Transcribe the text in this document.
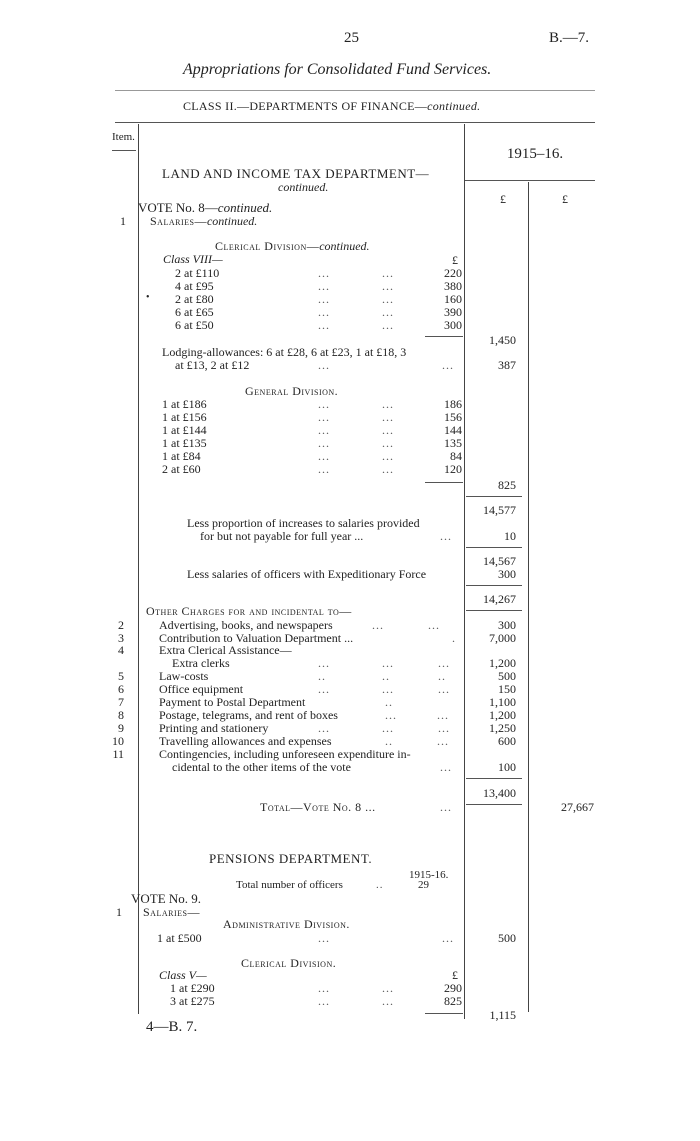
25	B.—7.
Appropriations for Consolidated Fund Services.
CLASS II.—DEPARTMENTS OF FINANCE—continued.
Item.
1915–16.
£	£
LAND AND INCOME TAX DEPARTMENT—
continued.
VOTE No. 8—continued.
1 Salaries—continued.
Clerical Division—continued.
Class VIII—	£
2 at £110	...             ...	220
4 at £95	...             ...	380
2 at £80	...             ...	160
6 at £65	...             ...	390
6 at £50	...             ...	300
•
1,450
Lodging-allowances: 6 at £28, 6 at £23, 1 at £18, 3
at £13, 2 at £12	...                            ...	387
General Division.
1 at £186	...             ...	186
1 at £156	...             ...	156
1 at £144	...             ...	144
1 at £135	...             ...	135
1 at £84	...             ...	84
2 at £60	...             ...	120
825
14,577
Less proportion of increases to salaries provided
for but not payable for full year ...	...	10
14,567
Less salaries of officers with Expeditionary Force	300
14,267
Other Charges for and incidental to—
2	Advertising, books, and newspapers	...           ...	300
3	Contribution to Valuation Department ...	.	7,000
4	Extra Clerical Assistance—
Extra clerks	...             ...           ...	1,200
5	Law-costs	..              ..            ..	500
6	Office equipment	...             ...           ...	150
7	Payment to Postal Department	..	1,100
8	Postage, telegrams, and rent of boxes	...          ...	1,200
9	Printing and stationery	...             ...           ...	1,250
10	Travelling allowances and expenses	..           ...	600
11	Contingencies, including unforeseen expenditure in-
cidental to the other items of the vote	...	100
13,400
Total—Vote No. 8 ...	...	27,667
PENSIONS DEPARTMENT.
1915-16.
Total number of officers	..	29
VOTE No. 9.
1 Salaries—
Administrative Division.
1 at £500	...                            ...	500
Clerical Division.
Class V—	£
1 at £290	...             ...	290
3 at £275	...             ...	825
1,115
4—B. 7.
